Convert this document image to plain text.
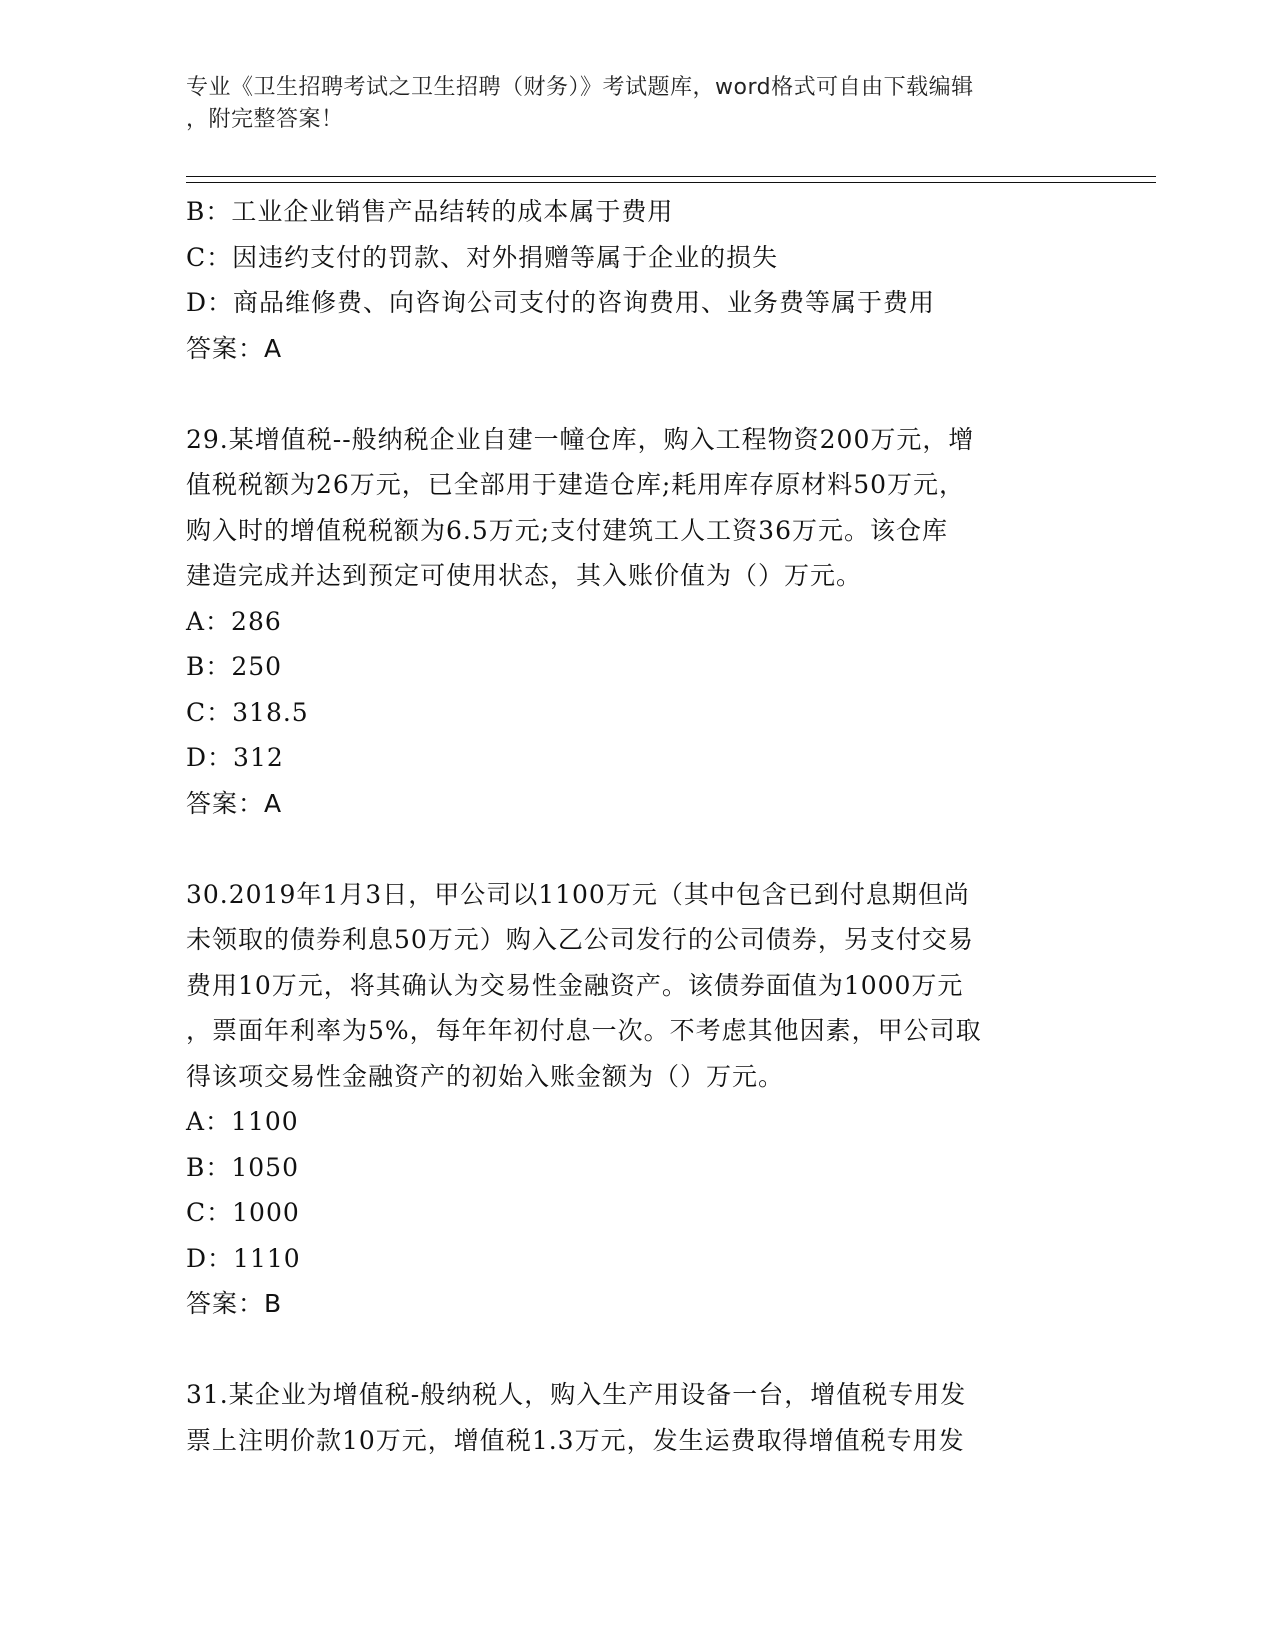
专业《卫生招聘考试之卫生招聘（财务）》考试题库，word格式可自由下载编辑
，附完整答案！
B：工业企业销售产品结转的成本属于费用
C：因违约支付的罚款、对外捐赠等属于企业的损失
D：商品维修费、向咨询公司支付的咨询费用、业务费等属于费用
答案：A
29.某增值税--般纳税企业自建一幢仓库，购入工程物资200万元，增
值税税额为26万元，已全部用于建造仓库;耗用库存原材料50万元，
购入时的增值税税额为6.5万元;支付建筑工人工资36万元。该仓库
建造完成并达到预定可使用状态，其入账价值为（）万元。
A：286
B：250
C：318.5
D：312
答案：A
30.2019年1月3日，甲公司以1100万元（其中包含已到付息期但尚
未领取的债券利息50万元）购入乙公司发行的公司债券，另支付交易
费用10万元，将其确认为交易性金融资产。该债券面值为1000万元
，票面年利率为5%，每年年初付息一次。不考虑其他因素，甲公司取
得该项交易性金融资产的初始入账金额为（）万元。
A：1100
B：1050
C：1000
D：1110
答案：B
31.某企业为增值税-般纳税人，购入生产用设备一台，增值税专用发
票上注明价款10万元，增值税1.3万元，发生运费取得增值税专用发
